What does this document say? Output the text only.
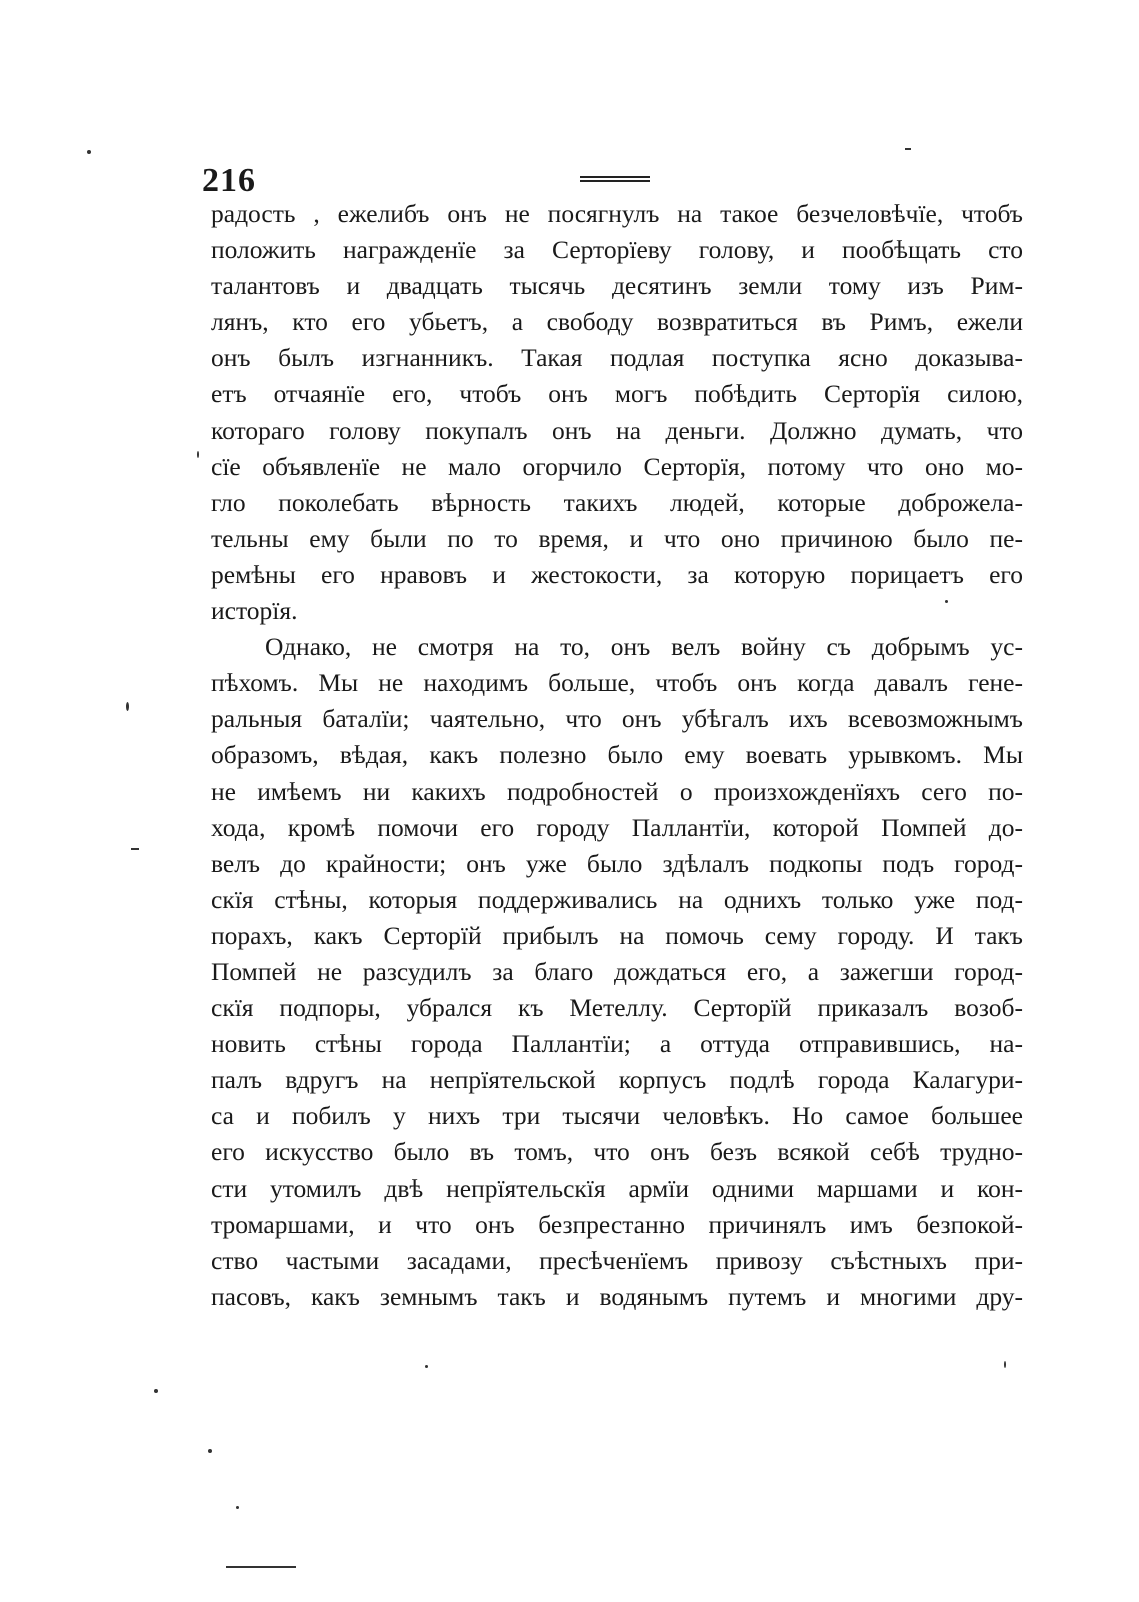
216
радость , ежелибъ онъ не посягнулъ на такое безчеловѣчїе, чтобъ
положить награжденїе за Серторїеву голову, и пообѣщать сто
талантовъ и двадцать тысячь десятинъ земли тому изъ Рим-
лянъ, кто его убьетъ, а свободу возвратиться въ Римъ, ежели
онъ былъ изгнанникъ. Такая подлая поступка ясно доказыва-
етъ отчаянїе его, чтобъ онъ могъ побѣдить Серторїя силою,
котораго голову покупалъ онъ на деньги. Должно думать, что
сїе объявленїе не мало огорчило Серторїя, потому что оно мо-
гло поколебать вѣрность такихъ людей, которые доброжела-
тельны ему были по то время, и что оно причиною было пе-
ремѣны его нравовъ и жестокости, за которую порицаетъ его
исторїя.
Однако, не смотря на то, онъ велъ войну съ добрымъ ус-
пѣхомъ. Мы не находимъ больше, чтобъ онъ когда давалъ гене-
ральныя баталїи; чаятельно, что онъ убѣгалъ ихъ всевозможнымъ
образомъ, вѣдая, какъ полезно было ему воевать урывкомъ. Мы
не имѣемъ ни какихъ подробностей о произхожденїяхъ сего по-
хода, кромѣ помочи его городу Паллантїи, которой Помпей до-
велъ до крайности; онъ уже было здѣлалъ подкопы подъ город-
скїя стѣны, которыя поддерживались на однихъ только уже под-
порахъ, какъ Серторїй прибылъ на помочь сему городу. И такъ
Помпей не разсудилъ за благо дождаться его, а зажегши город-
скїя подпоры, убрался къ Метеллу. Серторїй приказалъ возоб-
новить стѣны города Паллантїи; а оттуда отправившись, на-
палъ вдругъ на непрїятельской корпусъ подлѣ города Калагури-
са и побилъ у нихъ три тысячи человѣкъ. Но самое большее
его искусство было въ томъ, что онъ безъ всякой себѣ трудно-
сти утомилъ двѣ непрїятельскїя армїи одними маршами и кон-
тромаршами, и что онъ безпрестанно причинялъ имъ безпокой-
ство частыми засадами, пресѣченїемъ привозу съѣстныхъ при-
пасовъ, какъ земнымъ такъ и водянымъ путемъ и многими дру-
